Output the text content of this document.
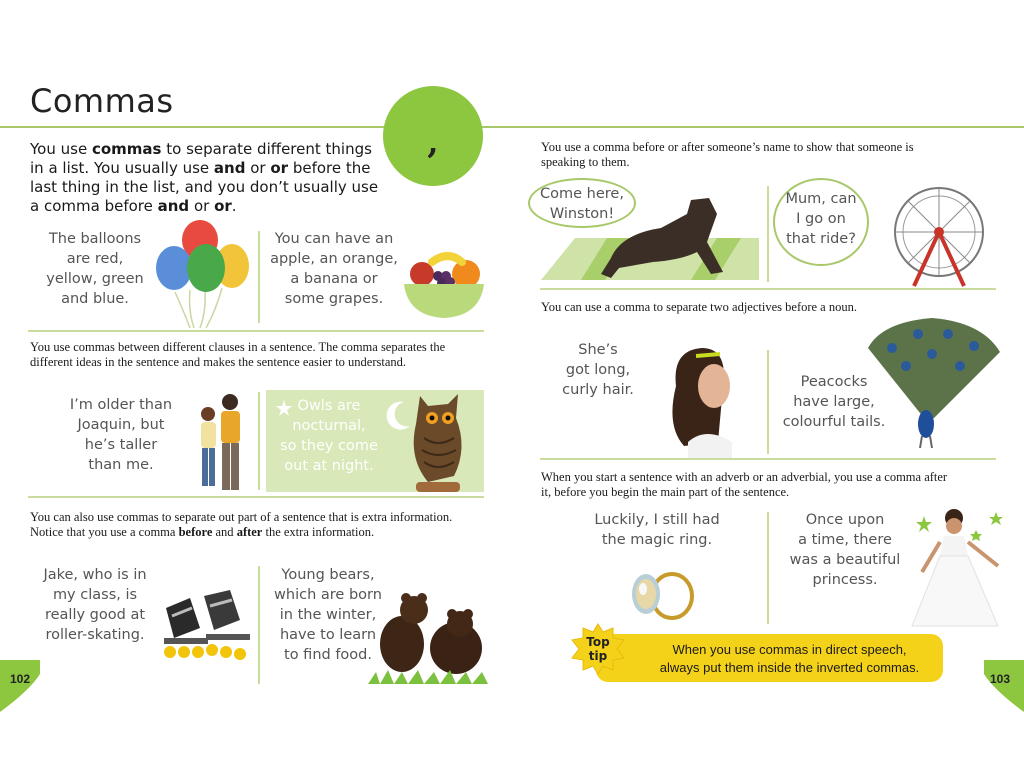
Commas
,
You use commas to separate different things in a list. You usually use and or or before the last thing in the list, and you don’t usually use a comma before and or or.
The balloons
are red,
yellow, green
and blue.
You can have an
apple, an orange,
a banana or
some grapes.
You use commas between different clauses in a sentence. The comma separates the different ideas in the sentence and makes the sentence easier to understand.
I’m older than
Joaquin, but
he’s taller
than me.
Owls are
nocturnal,
so they come
out at night.
You can also use commas to separate out part of a sentence that is extra information. Notice that you use a comma before and after the extra information.
Jake, who is in
my class, is
really good at
roller-skating.
Young bears,
which are born
in the winter,
have to learn
to find food.
You use a comma before or after someone’s name to show that someone is speaking to them.
Come here,
Winston!
Mum, can
I go on
that ride?
You can use a comma to separate two adjectives before a noun.
She’s
got long,
curly hair.	Peacocks
have large,
colourful tails.
When you start a sentence with an adverb or an adverbial, you use a comma after it, before you begin the main part of the sentence.
Luckily, I still had
the magic ring.
Once upon
a time, there
was a beautiful
princess.
When you use commas in direct speech,
always put them inside the inverted commas.
Top
tip
102	103
